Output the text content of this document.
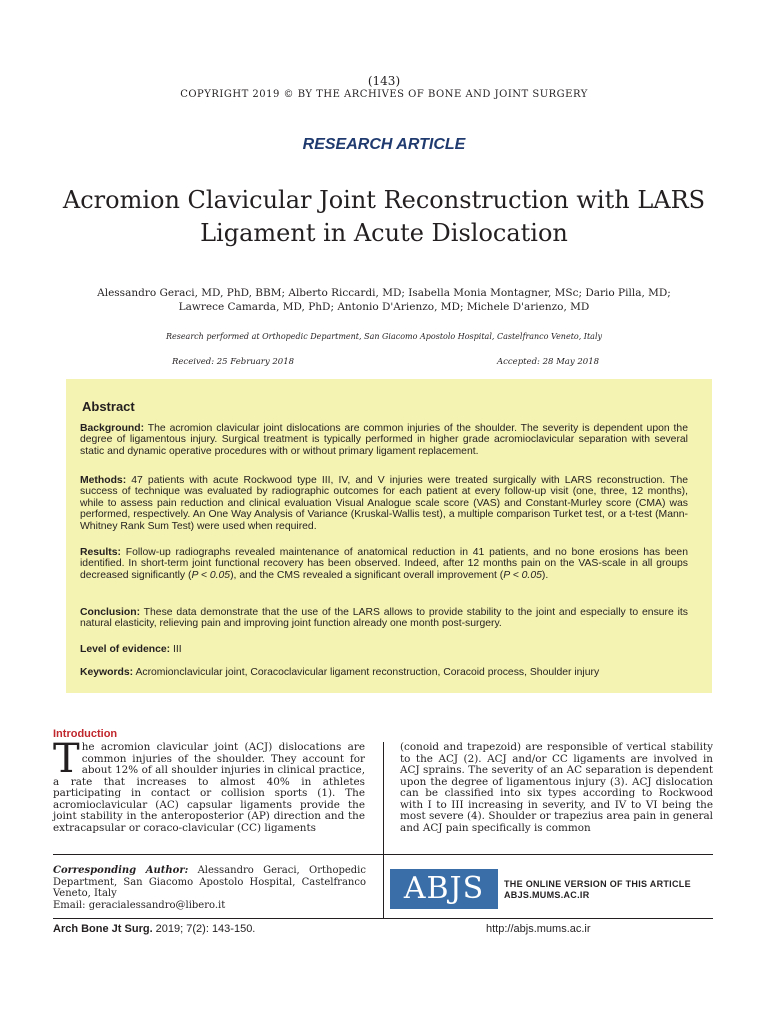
(143)
COPYRIGHT 2019 © BY THE ARCHIVES OF BONE AND JOINT SURGERY
RESEARCH ARTICLE
Acromion Clavicular Joint Reconstruction with LARS
Ligament in Acute Dislocation
Alessandro Geraci, MD, PhD, BBM; Alberto Riccardi, MD; Isabella Monia Montagner, MSc; Dario Pilla, MD;
Lawrece Camarda, MD, PhD; Antonio D'Arienzo, MD; Michele D'arienzo, MD
Research performed at Orthopedic Department, San Giacomo Apostolo Hospital, Castelfranco Veneto, Italy
Received: 25 February 2018	Accepted: 28 May 2018
Abstract
Background: The acromion clavicular joint dislocations are common injuries of the shoulder. The severity is dependent upon the degree of ligamentous injury. Surgical treatment is typically performed in higher grade acromioclavicular separation with several static and dynamic operative procedures with or without primary ligament replacement.
Methods: 47 patients with acute Rockwood type III, IV, and V injuries were treated surgically with LARS reconstruction. The success of technique was evaluated by radiographic outcomes for each patient at every follow-up visit (one, three, 12 months), while to assess pain reduction and clinical evaluation Visual Analogue scale score (VAS) and Constant-Murley score (CMA) was performed, respectively. An One Way Analysis of Variance (Kruskal-Wallis test), a multiple comparison Turket test, or a t-test (Mann-Whitney Rank Sum Test) were used when required.
Results: Follow-up radiographs revealed maintenance of anatomical reduction in 41 patients, and no bone erosions has been identified. In short-term joint functional recovery has been observed. Indeed, after 12 months pain on the VAS-scale in all groups decreased significantly (P < 0.05), and the CMS revealed a significant overall improvement (P < 0.05).
Conclusion: These data demonstrate that the use of the LARS allows to provide stability to the joint and especially to ensure its natural elasticity, relieving pain and improving joint function already one month post-surgery.
Level of evidence: III
Keywords: Acromionclavicular joint, Coracoclavicular ligament reconstruction, Coracoid process, Shoulder injury
Introduction
The acromion clavicular joint (ACJ) dislocations are common injuries of the shoulder. They account for about 12% of all shoulder injuries in clinical practice, a rate that increases to almost 40% in athletes participating in contact or collision sports (1). The acromioclavicular (AC) capsular ligaments provide the joint stability in the anteroposterior (AP) direction and the extracapsular or coraco-clavicular (CC) ligaments
(conoid and trapezoid) are responsible of vertical stability to the ACJ (2). ACJ and/or CC ligaments are involved in ACJ sprains. The severity of an AC separation is dependent upon the degree of ligamentous injury (3). ACJ dislocation can be classified into six types according to Rockwood with I to III increasing in severity, and IV to VI being the most severe (4). Shoulder or trapezius area pain in general and ACJ pain specifically is common
Corresponding Author: Alessandro Geraci, Orthopedic Department, San Giacomo Apostolo Hospital, Castelfranco Veneto, Italy
Email: geracialessandro@libero.it	ABJS	THE ONLINE VERSION OF THIS ARTICLE
ABJS.MUMS.AC.IR
Arch Bone Jt Surg. 2019; 7(2): 143-150.	http://abjs.mums.ac.ir
